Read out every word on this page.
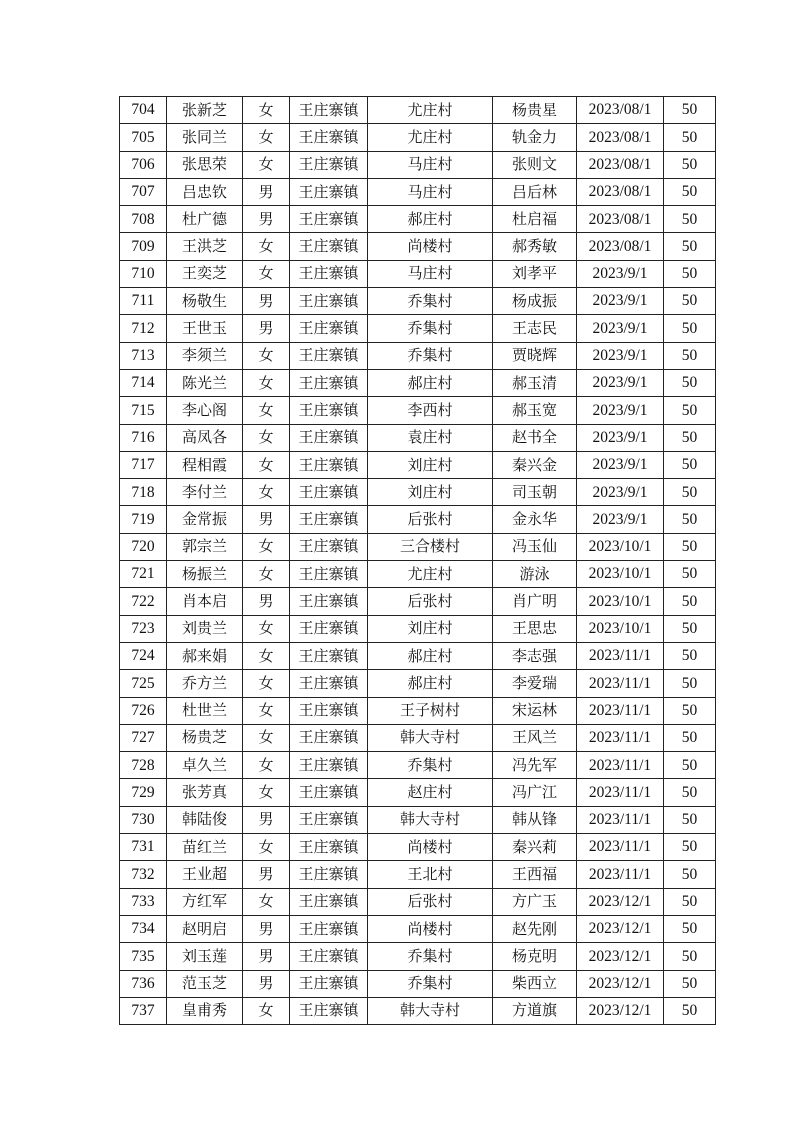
704	张新芝	女	王庄寨镇	尤庄村	杨贵星	2023/08/1	50
705	张同兰	女	王庄寨镇	尤庄村	轨金力	2023/08/1	50
706	张思荣	女	王庄寨镇	马庄村	张则文	2023/08/1	50
707	吕忠钦	男	王庄寨镇	马庄村	吕后林	2023/08/1	50
708	杜广德	男	王庄寨镇	郝庄村	杜启福	2023/08/1	50
709	王洪芝	女	王庄寨镇	尚楼村	郝秀敏	2023/08/1	50
710	王奕芝	女	王庄寨镇	马庄村	刘孝平	2023/9/1	50
711	杨敬生	男	王庄寨镇	乔集村	杨成振	2023/9/1	50
712	王世玉	男	王庄寨镇	乔集村	王志民	2023/9/1	50
713	李须兰	女	王庄寨镇	乔集村	贾晓辉	2023/9/1	50
714	陈光兰	女	王庄寨镇	郝庄村	郝玉清	2023/9/1	50
715	李心阁	女	王庄寨镇	李西村	郝玉宽	2023/9/1	50
716	高凤各	女	王庄寨镇	袁庄村	赵书全	2023/9/1	50
717	程相霞	女	王庄寨镇	刘庄村	秦兴金	2023/9/1	50
718	李付兰	女	王庄寨镇	刘庄村	司玉朝	2023/9/1	50
719	金常振	男	王庄寨镇	后张村	金永华	2023/9/1	50
720	郭宗兰	女	王庄寨镇	三合楼村	冯玉仙	2023/10/1	50
721	杨振兰	女	王庄寨镇	尤庄村	游泳	2023/10/1	50
722	肖本启	男	王庄寨镇	后张村	肖广明	2023/10/1	50
723	刘贵兰	女	王庄寨镇	刘庄村	王思忠	2023/10/1	50
724	郝来娟	女	王庄寨镇	郝庄村	李志强	2023/11/1	50
725	乔方兰	女	王庄寨镇	郝庄村	李爱瑞	2023/11/1	50
726	杜世兰	女	王庄寨镇	王子树村	宋运林	2023/11/1	50
727	杨贵芝	女	王庄寨镇	韩大寺村	王风兰	2023/11/1	50
728	卓久兰	女	王庄寨镇	乔集村	冯先军	2023/11/1	50
729	张芳真	女	王庄寨镇	赵庄村	冯广江	2023/11/1	50
730	韩陆俊	男	王庄寨镇	韩大寺村	韩从锋	2023/11/1	50
731	苗红兰	女	王庄寨镇	尚楼村	秦兴莉	2023/11/1	50
732	王业超	男	王庄寨镇	王北村	王西福	2023/11/1	50
733	方红军	女	王庄寨镇	后张村	方广玉	2023/12/1	50
734	赵明启	男	王庄寨镇	尚楼村	赵先刚	2023/12/1	50
735	刘玉莲	男	王庄寨镇	乔集村	杨克明	2023/12/1	50
736	范玉芝	男	王庄寨镇	乔集村	柴西立	2023/12/1	50
737	皇甫秀	女	王庄寨镇	韩大寺村	方道旗	2023/12/1	50
